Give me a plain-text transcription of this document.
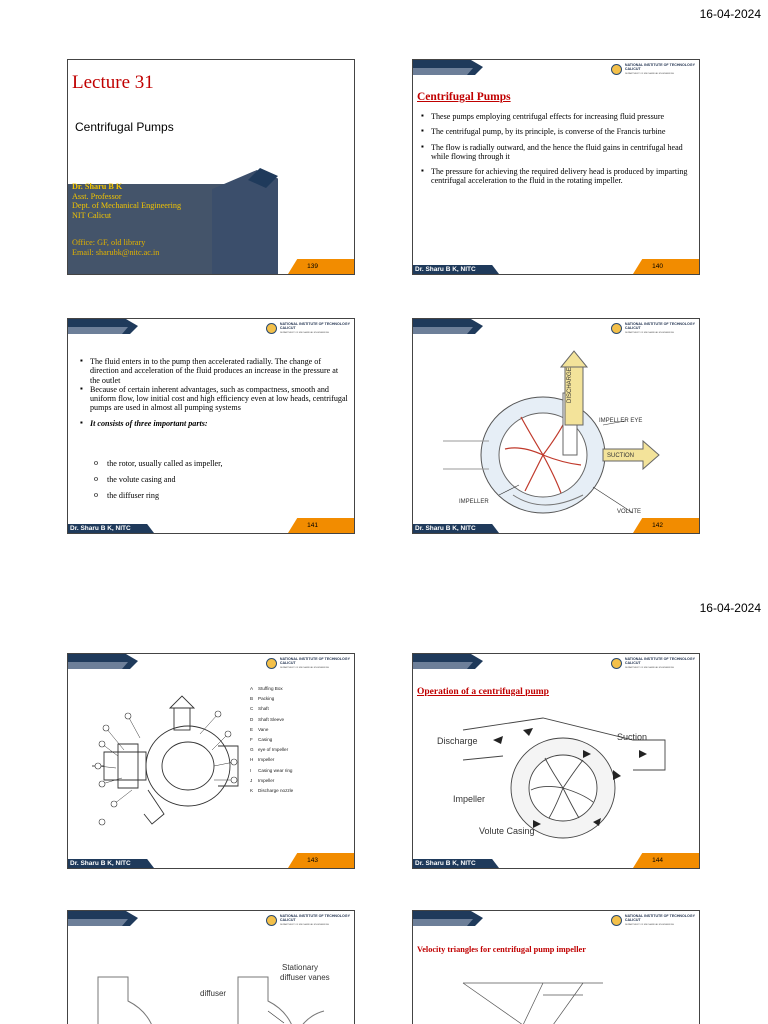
16-04-2024
16-04-2024
Lecture 31
Centrifugal Pumps
Dr. Sharu B K
Asst. Professor
Dept. of Mechanical Engineering
NIT Calicut
Office: GF, old library
Email: sharubk@nitc.ac.in
139
NATIONAL INSTITUTE OF TECHNOLOGY
CALICUT
DEPARTMENT OF MECHANICAL ENGINEERING
Centrifugal Pumps
▪ These pumps employing centrifugal effects for increasing fluid pressure
▪ The centrifugal pump, by its principle, is converse of the Francis turbine
▪ The flow is radially outward, and the hence the fluid gains in centrifugal head while flowing through it
▪ The pressure for achieving the required delivery head is produced by imparting centrifugal acceleration to the fluid in the rotating impeller.
Dr. Sharu B K, NITC	140
NATIONAL INSTITUTE OF TECHNOLOGY
CALICUT
DEPARTMENT OF MECHANICAL ENGINEERING
▪ The fluid enters in to the pump then accelerated radially. The change of direction and acceleration of the fluid produces an increase in the pressure at the outlet
▪ Because of certain inherent advantages, such as compactness, smooth and uniform flow, low initial cost and high efficiency even at low heads, centrifugal pumps are used in almost all pumping systems
▪ It consists of three important parts:
o the rotor, usually called as impeller,
o the volute casing and
o the diffuser ring
Dr. Sharu B K, NITC	141
NATIONAL INSTITUTE OF TECHNOLOGY
CALICUT
DEPARTMENT OF MECHANICAL ENGINEERING
DISCHARGE
IMPELLER EYE
SUCTION
IMPELLER
VOLUTE
Dr. Sharu B K, NITC	142
NATIONAL INSTITUTE OF TECHNOLOGY
CALICUT
DEPARTMENT OF MECHANICAL ENGINEERING
A Stuffing Box
B Packing
C Shaft
D Shaft Sleeve
E Vane
F Casing
G eye of Impeller
H Impeller
I Casing wear ring
J Impeller
K Discharge nozzle
Dr. Sharu B K, NITC	143
NATIONAL INSTITUTE OF TECHNOLOGY
CALICUT
DEPARTMENT OF MECHANICAL ENGINEERING
Operation of a centrifugal pump
Discharge	Suction
Impeller
Volute Casing
Dr. Sharu B K, NITC	144
NATIONAL INSTITUTE OF TECHNOLOGY
CALICUT
DEPARTMENT OF MECHANICAL ENGINEERING
Stationary
diffuser vanes
diffuser
NATIONAL INSTITUTE OF TECHNOLOGY
CALICUT
DEPARTMENT OF MECHANICAL ENGINEERING
Velocity triangles for centrifugal pump impeller
